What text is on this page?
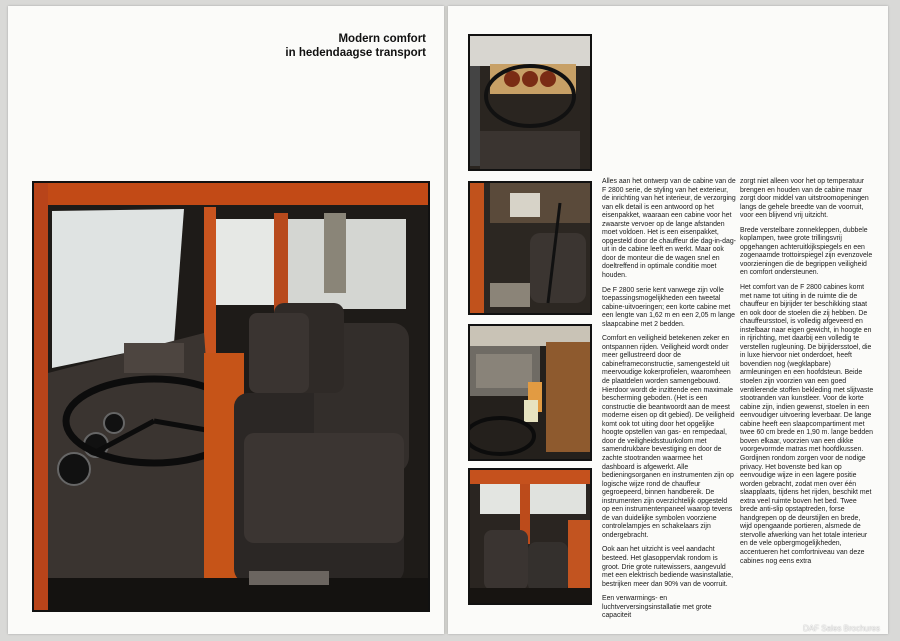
Modern comfort
in hedendaagse transport

Alles aan het ontwerp van de cabine van de F 2800 serie, de styling van het exterieur, de inrichting van het interieur, de verzorging van elk detail is een antwoord op het eisenpakket, waaraan een cabine voor het zwaarste vervoer op de lange afstanden moet voldoen. Het is een eisenpakket, opgesteld door de chauffeur die dag-in-dag-uit in de cabine leeft en werkt. Maar ook door de monteur die de wagen snel en doeltreffend in optimale conditie moet houden.

De F 2800 serie kent vanwege zijn volle toepassingsmogelijkheden een tweetal cabine-uitvoeringen; een korte cabine met een lengte van 1,62 m en een 2,05 m lange slaapcabine met 2 bedden.

Comfort en veiligheid betekenen zeker en ontspannen rijden. Veiligheid wordt onder meer gellustreerd door de cabineframeconstructie, samengesteld uit meervoudige kokerprofielen, waaromheen de plaatdelen worden samengebouwd. Hierdoor wordt de inzittende een maximale bescherming geboden. (Het is een constructie die beantwoordt aan de meest moderne eisen op dit gebied). De veiligheid komt ook tot uiting door het opgelijke hoogte opstellen van gas- en rempedaal, door de veiligheidsstuurkolom met samendrukbare bevestiging en door de zachte stootranden waarmee het dashboard is afgewerkt. Alle bedieningsorganen en instrumenten zijn op logische wijze rond de chauffeur gegroepeerd, binnen handbereik. De instrumenten zijn overzichtelijk opgesteld op een instrumentenpaneel waarop tevens de van duidelijke symbolen voorziene controlelampjes en schakelaars zijn ondergebracht.

Ook aan het uitzicht is veel aandacht besteed. Het glasoppervlak rondom is groot. Drie grote ruitewissers, aangevuld met een elektrisch bediende wasinstallatie, bestrijken meer dan 90% van de voorruit.

Een verwarmings- en luchtverversingsinstallatie met grote capaciteit

zorgt niet alleen voor het op temperatuur brengen en houden van de cabine maar zorgt door middel van uitstroomopeningen langs de gehele breedte van de voorruit, voor een blijvend vrij uitzicht.

Brede verstelbare zonnekleppen, dubbele koplampen, twee grote trillingsvrij opgehangen achteruitkijkspiegels en een zogenaamde trottoirspiegel zijn evenzovele voorzieningen die de begrippen veiligheid en comfort ondersteunen.

Het comfort van de F 2800 cabines komt met name tot uiting in de ruimte die de chauffeur en bijrijder ter beschikking staat en ook door de stoelen die zij hebben. De chauffeursstoel, is volledig afgeveerd en instelbaar naar eigen gewicht, in hoogte en in rijrichting, met daarbij een volledig te verstellen rugleuning. De bijrijdersstoel, die in luxe hiervoor niet onderdoet, heeft bovendien nog (wegklapbare) armleuningen en een hoofdsteun. Beide stoelen zijn voorzien van een goed ventilerende stoffen bekleding met slijtvaste stootranden van kunstleer. Voor de korte cabine zijn, indien gewenst, stoelen in een eenvoudiger uitvoering leverbaar. De lange cabine heeft een slaapcompartiment met twee 60 cm brede en 1,90 m. lange bedden boven elkaar, voorzien van een dikke voorgevormde matras met hoofdkussen. Gordijnen rondom zorgen voor de nodige privacy. Het bovenste bed kan op eenvoudige wijze in een lagere positie worden gebracht, zodat men over één slaapplaats, tijdens het rijden, beschikt met extra veel ruimte boven het bed. Twee brede anti-slip opstaptreden, forse handgrepen op de deurstijlen en brede, wijd opengaande portieren, alsmede de stervolle afwerking van het totale interieur en de vele opbergmogelijkheden, accentueren het comfortniveau van deze cabines nog eens extra

DAF Sales Brochures
